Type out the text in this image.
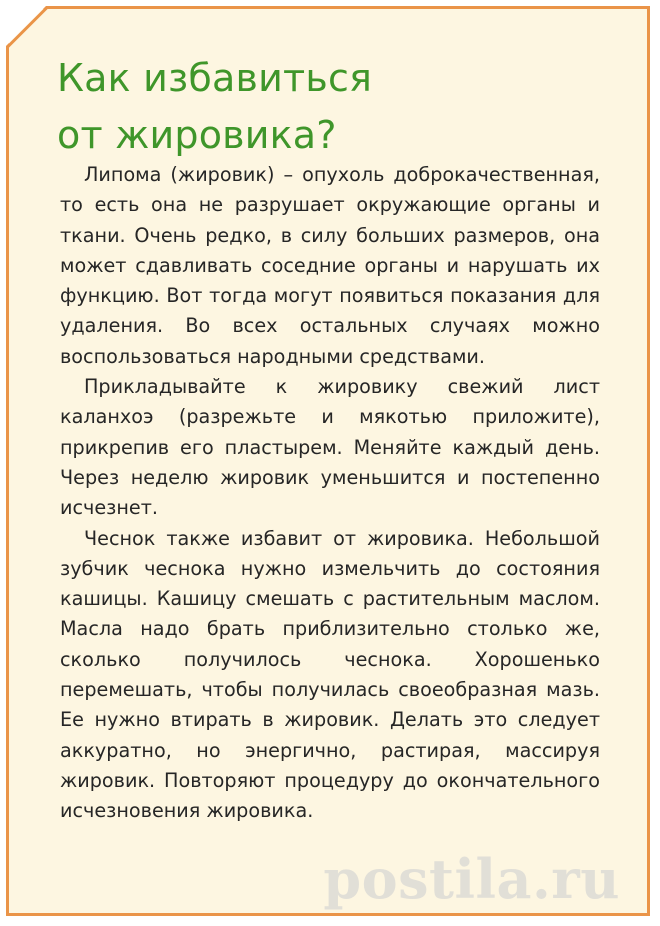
Как избавиться
от жировика?

Липома (жировик) – опухоль доброкачественная, то есть она не разрушает окружающие органы и ткани. Очень редко, в силу больших размеров, она может сдавливать соседние органы и нарушать их функцию. Вот тогда могут появиться показания для удаления. Во всех остальных случаях можно воспользоваться народными средствами.

Прикладывайте к жировику свежий лист каланхоэ (разрежьте и мякотью приложите), прикрепив его пластырем. Меняйте каждый день. Через неделю жировик уменьшится и постепенно исчезнет.

Чеснок также избавит от жировика. Небольшой зубчик чеснока нужно измельчить до состояния кашицы. Кашицу смешать с растительным маслом. Масла надо брать приблизительно столько же, сколько получилось чеснока. Хорошенько перемешать, чтобы получилась своеобразная мазь. Ее нужно втирать в жировик. Делать это следует аккуратно, но энергично, растирая, массируя жировик. Повторяют процедуру до окончательного исчезновения жировика.

postila.ru
